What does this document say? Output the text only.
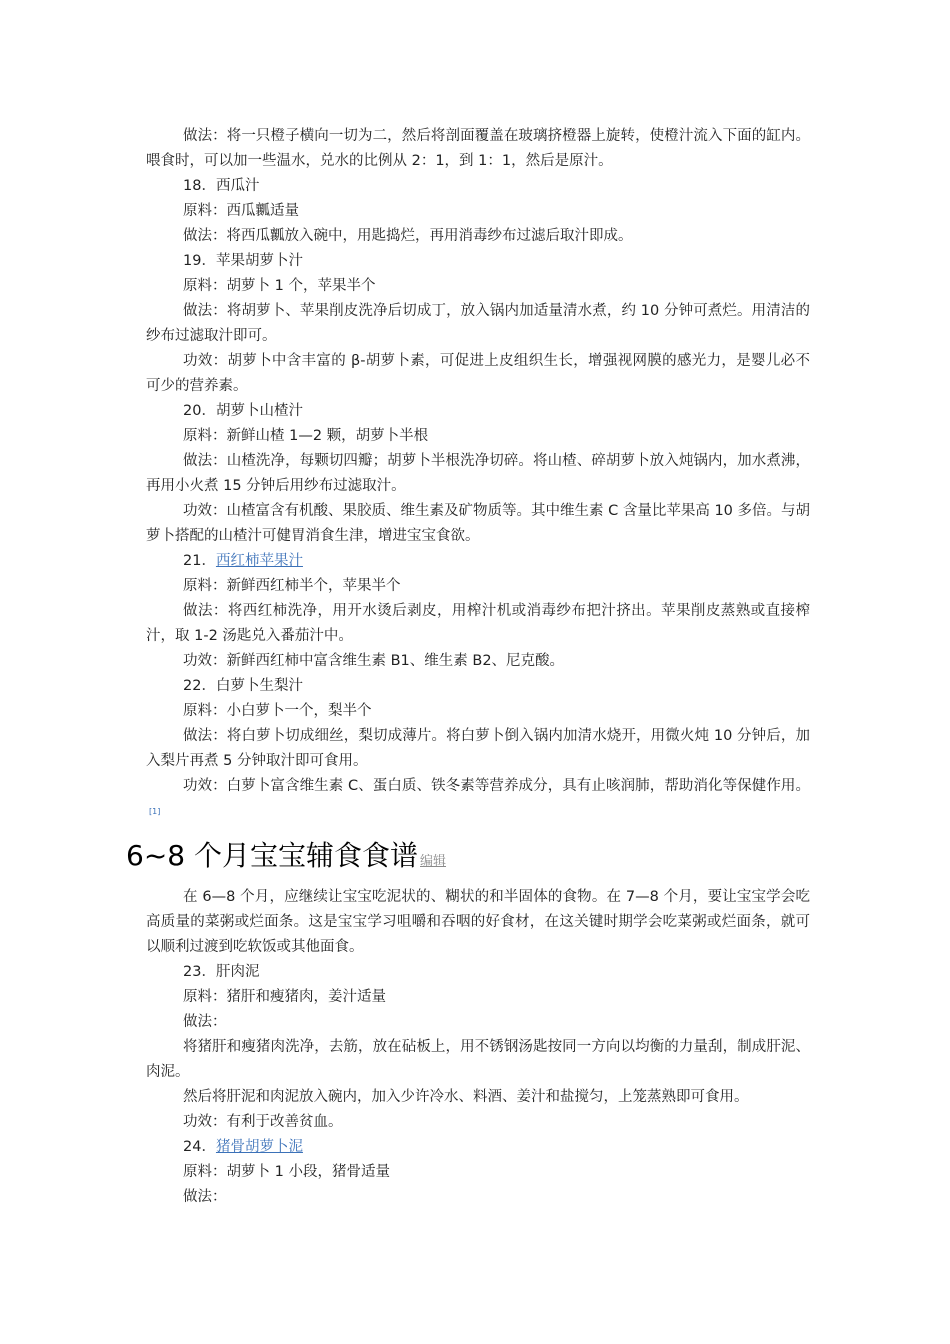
做法：将一只橙子横向一切为二，然后将剖面覆盖在玻璃挤橙器上旋转，使橙汁流入下面的缸内。喂食时，可以加一些温水，兑水的比例从 2：1，到 1：1，然后是原汁。

18．西瓜汁

原料：西瓜瓤适量

做法：将西瓜瓤放入碗中，用匙捣烂，再用消毒纱布过滤后取汁即成。

19．苹果胡萝卜汁

原料：胡萝卜 1 个，苹果半个

做法：将胡萝卜、苹果削皮洗净后切成丁，放入锅内加适量清水煮，约 10 分钟可煮烂。用清洁的纱布过滤取汁即可。

功效：胡萝卜中含丰富的 β-胡萝卜素，可促进上皮组织生长，增强视网膜的感光力，是婴儿必不可少的营养素。

20．胡萝卜山楂汁

原料：新鲜山楂 1—2 颗，胡萝卜半根

做法：山楂洗净，每颗切四瓣；胡萝卜半根洗净切碎。将山楂、碎胡萝卜放入炖锅内，加水煮沸，再用小火煮 15 分钟后用纱布过滤取汁。

功效：山楂富含有机酸、果胶质、维生素及矿物质等。其中维生素 C 含量比苹果高 10 多倍。与胡萝卜搭配的山楂汁可健胃消食生津，增进宝宝食欲。

21．西红柿苹果汁

原料：新鲜西红柿半个，苹果半个

做法：将西红柿洗净，用开水烫后剥皮，用榨汁机或消毒纱布把汁挤出。苹果削皮蒸熟或直接榨汁，取 1-2 汤匙兑入番茄汁中。

功效：新鲜西红柿中富含维生素 B1、维生素 B2、尼克酸。

22．白萝卜生梨汁

原料：小白萝卜一个，梨半个

做法：将白萝卜切成细丝，梨切成薄片。将白萝卜倒入锅内加清水烧开，用微火炖 10 分钟后，加入梨片再煮 5 分钟取汁即可食用。

功效：白萝卜富含维生素 C、蛋白质、铁冬素等营养成分，具有止咳润肺，帮助消化等保健作用。[1]

6~8 个月宝宝辅食食谱 编辑

在 6—8 个月，应继续让宝宝吃泥状的、糊状的和半固体的食物。在 7—8 个月，要让宝宝学会吃高质量的菜粥或烂面条。这是宝宝学习咀嚼和吞咽的好食材，在这关键时期学会吃菜粥或烂面条，就可以顺利过渡到吃软饭或其他面食。

23．肝肉泥

原料：猪肝和瘦猪肉，姜汁适量

做法：

将猪肝和瘦猪肉洗净，去筋，放在砧板上，用不锈钢汤匙按同一方向以均衡的力量刮，制成肝泥、肉泥。

然后将肝泥和肉泥放入碗内，加入少许冷水、料酒、姜汁和盐搅匀，上笼蒸熟即可食用。

功效：有利于改善贫血。

24．猪骨胡萝卜泥

原料：胡萝卜 1 小段，猪骨适量

做法：
